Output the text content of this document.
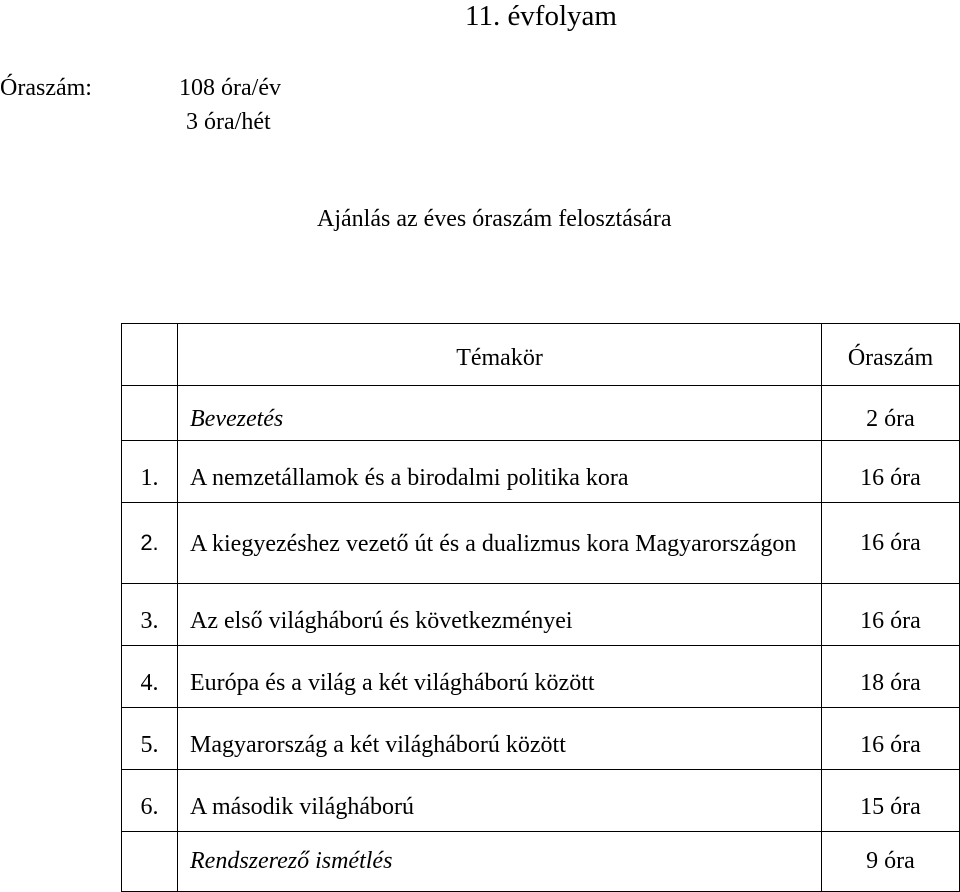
11. évfolyam
Óraszám:	108 óra/év
3 óra/hét
Ajánlás az éves óraszám felosztására
	Témakör	Óraszám
	Bevezetés	2 óra
1.	A nemzetállamok és a birodalmi politika kora	16 óra
2.	A kiegyezéshez vezető út és a dualizmus kora Magyarországon	16 óra
3.	Az első világháború és következményei	16 óra
4.	Európa és a világ a két világháború között	18 óra
5.	Magyarország a két világháború között	16 óra
6.	A második világháború	15 óra
	Rendszerező ismétlés	9 óra
